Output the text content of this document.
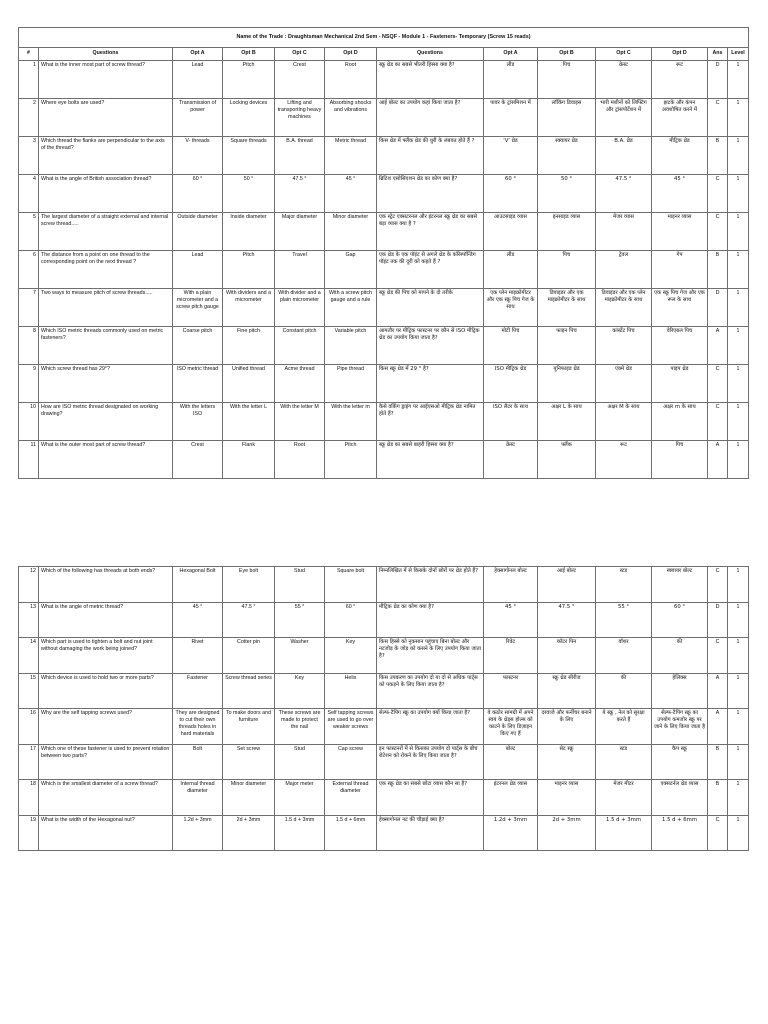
Name of the Trade : Draughtsman Mechanical 2nd Sem - NSQF - Module 1 - Fasteners- Temporary (Screw 15 reads)												
#	Questions	Opt A	Opt B	Opt C	Opt D	Questions	Opt A	Opt B	Opt C	Opt D	Ans	Level
1	What is the inner most part of screw thread?	Lead	Pitch	Crest	Root	स्क्रू थ्रेड का सबसे भीतरी हिस्सा क्या है?	लीड	पिच	क्रेस्ट	रूट	D	1
2	Where eye bolts are used?	Transmission of power	Locking devices	Lifting and transporting heavy machines	Absorbing shocks and vibrations	आई बोल्ट का उपयोग कहां किया जाता है?	पावर के ट्रांसमिशन में	लॉकिंग डिवाइस	भारी मशीनों को लिफ्टिंग और ट्रांसपोर्टेशन में	झटके और कंपन अवशोषित करने में	C	1
3	Which thread the flanks are perpendicular to the axis of the thread?	V- threads	Square threads	B.A. thread	Metric thread	किस थ्रेड में फ्लैंक थ्रेड की धुरी के लंबवत होते हैं ?	'V' थ्रेड	स्क्वायर थ्रेड	B.A. थ्रेड	मीट्रिक थ्रेड	B	1
4	What is the angle of British association thread?	60 °	50 °	47.5 °	45 °	ब्रिटिश एसोसिएशन थ्रेड का कोण क्या है?	60 °	50 °	47.5 °	45 °	C	1
5	The largest diameter of a straight external and internal screw thread.....	Outside diameter	Inside diameter	Major diameter	Minor diameter	एक स्ट्रेट एक्सटरनल और इंटरनल स्क्रू थ्रेड का सबसे बड़ा व्यास क्या है ?	आउटसाइड व्यास	इनसाइड व्यास	मेजर व्यास	माइनर व्यास	C	1
6	The distance from a point on one thread to the corresponding point on the next thread ?	Lead	Pitch	Travel	Gap	एक थ्रेड के एक पॉइंट से अगले थ्रेड के कॉरेस्पॉन्डिंग पॉइंट तक की दूरी को कहते हैं ?	लीड	पिच	ट्रेवल	गेप	B	1
7	Two ways to measure pitch of screw threads.....	With a plain micrometer and a screw pitch gauge	With dividers and a micrometer	With divider and a plain micrometer	With a screw pitch gauge and a rule	स्क्रू थ्रेड की पिच को मापने के दो तरीके	एक प्लेन माइक्रोमीटर और एक स्क्रू पिच गेज के साथ	डिवाइडर और एक माइक्रोमीटर के साथ	डिवाइडर और एक प्लेन माइक्रोमीटर के साथ	एक स्क्रू पिच गेज और एक रूल के साथ	D	1
8	Which ISO metric threads commonly used on metric fasteners?	Coarse pitch	Fine pitch	Constant pitch	Variable pitch	आमतौर पर मीट्रिक फास्टनर पर कौन से ISO मीट्रिक थ्रेड का उपयोग किया जाता है?	मोटी पिच	फाइन पिच	कांस्टेंट पिच	वेरिएबल पिच	A	1
9	Which screw thread has 29°?	ISO metric thread	Unified thread	Acme thread	Pipe thread	किस स्क्रू थ्रेड में 29 ° है?	ISO मीट्रिक थ्रेड	यूनिफाइड थ्रेड	एक्मे थ्रेड	पाइप थ्रेड	C	1
10	How are ISO metric thread designated on working drawing?	With the letters ISO	With the letter L	With the letter M	With the letter m	कैसे वर्किंग ड्राइंग पर आईएसओ मीट्रिक थ्रेड नामित होते हैं?	ISO लैटर के साथ	अक्षर L के साथ	अक्षर M के साथ	अक्षर m के साथ	C	1
11	What is the outer most part of screw thread?	Crest	Flank	Root	Pitch	स्क्रू थ्रेड का सबसे बाहरी हिस्सा क्या है?	क्रेस्ट	फ्लैंक	रूट	पिच	A	1
12	Which of the following has threads at both ends?	Hexagonal Bolt	Eye bolt	Stud	Square bolt	निम्नलिखित में से किसके दोनों छोरों पर थ्रेड होते हैं?	हेक्सागोनल बोल्ट	आई बोल्ट	स्टड	स्क्वायर बोल्ट	C	1
13	What is the angle of metric thread?	45 °	47.5 °	55 °	60 °	मीट्रिक थ्रेड का कोण क्या है?	45 °	47.5 °	55 °	60 °	D	1
14	Which part is used to tighten a bolt and nut joint without damaging the work being joined?	Rivet	Cotter pin	Washer	Key	किस हिस्से को नुकसान पहुंचाए बिना बोल्ट और नटजोड़ के जोड़ को कसने के लिए उपयोग किया जाता है?	रिवेट	कॉटर पिन	वॉशर	की	C	1
15	Which device is used to hold two or more parts?	Fastener	Screw thread series	Key	Helix	किस उपकरण का उपयोग दो या दो से अधिक पार्ट्स को पकड़ने के लिए किया जाता है?	फास्टनर	स्क्रू थ्रेड सीरीज	की	हेलिक्स	A	1
16	Why are the self tapping screws used?	They are designed to cut their own threads holes in hard materials	To make doors and furniture	These screws are made to protect the nail	Self tapping screws are used to go over weaker screws	सेल्फ-टैपिंग स्क्रू का उपयोग क्यों किया जाता है?	वे कठोर सामग्री में अपने स्वयं के थ्रेड्स होल्स को काटने के लिए डिज़ाइन किए गए हैं	दरवाजे और फर्नीचर बनाने के लिए	ये स्क्रू , नेल को सुरक्षा करते हैं	सेल्फ-टैपिंग स्क्रू का उपयोग कमजोर स्क्रू पर जाने के लिए किया जाता है	A	1
17	Which one of these fastener is used to prevent rotation between two parts?	Bolt	Set screw	Stud	Cap screw	इन फास्टनरों में से किसका उपयोग दो पार्ट्स के बीच रोटेशन को रोकने के लिए किया जाता है?	बोल्ट	सेट स्क्रू	स्टड	कैप स्क्रू	B	1
18	Which is the smallest diameter of a screw thread?	Internal thread diameter	Minor diameter	Major meter	External thread diameter	एक स्क्रू थ्रेड का सबसे छोटा व्यास कौन सा है?	इंटरनल थ्रेड व्यास	माइनर व्यास	मेजर मीटर	एक्सटर्नल थ्रेड व्यास	B	1
19	What is the width of the Hexagonal nut?	1.2d + 3mm	2d + 3mm	1.5 d + 3mm	1.5 d + 6mm	हेक्सागोनल नट की चौड़ाई क्या है?	1.2d + 3mm	2d + 3mm	1.5 d + 3mm	1.5 d + 6mm	C	1
